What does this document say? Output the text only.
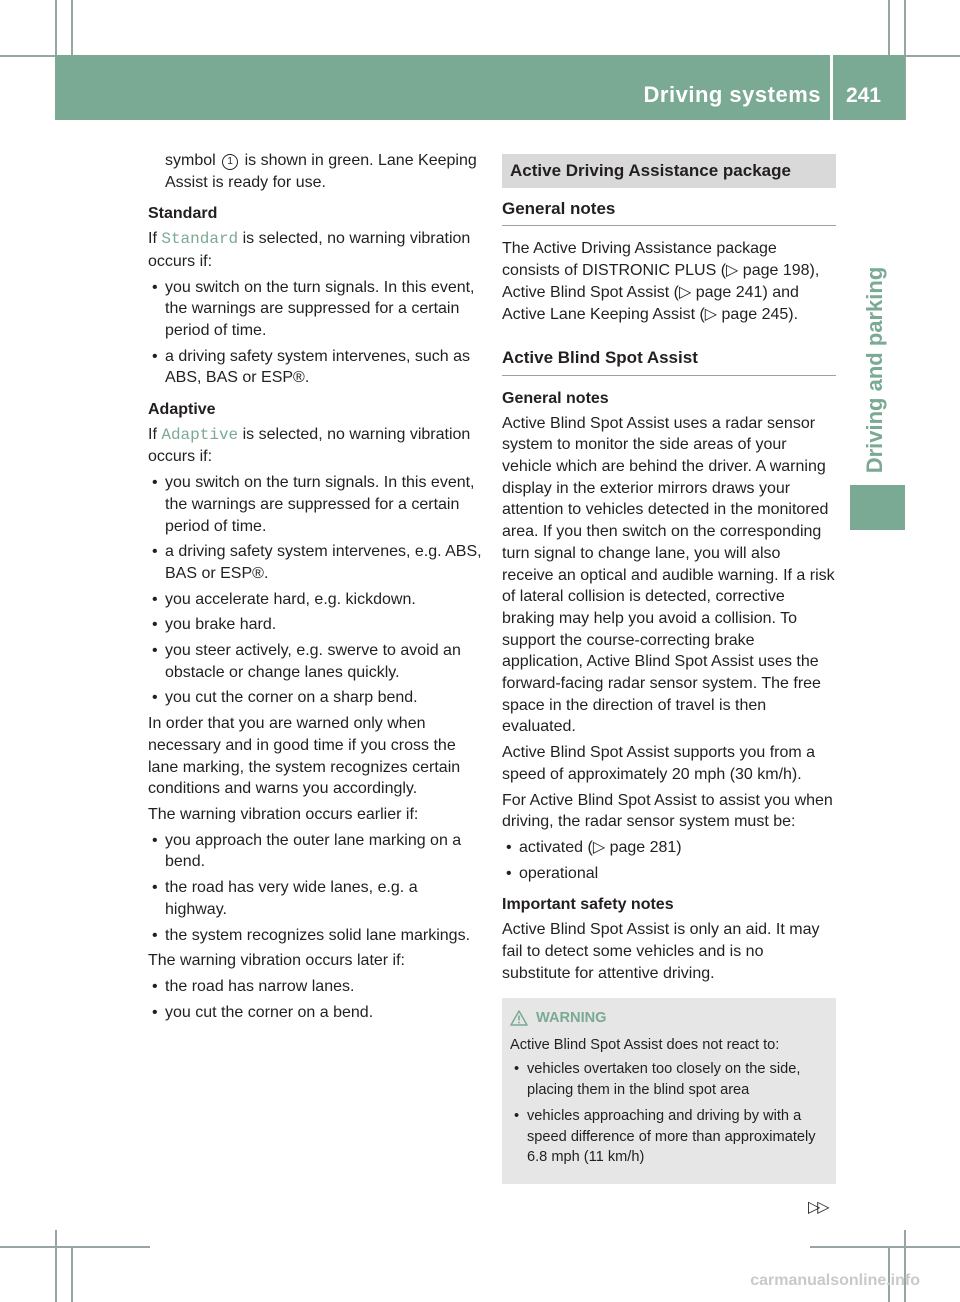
Driving systems 241
Driving and parking

symbol 1 is shown in green. Lane Keeping Assist is ready for use.

Standard

If Standard is selected, no warning vibration occurs if:

• you switch on the turn signals. In this event, the warnings are suppressed for a certain period of time.
• a driving safety system intervenes, such as ABS, BAS or ESP®.

Adaptive

If Adaptive is selected, no warning vibration occurs if:

• you switch on the turn signals. In this event, the warnings are suppressed for a certain period of time.
• a driving safety system intervenes, e.g. ABS, BAS or ESP®.
• you accelerate hard, e.g. kickdown.
• you brake hard.
• you steer actively, e.g. swerve to avoid an obstacle or change lanes quickly.
• you cut the corner on a sharp bend.

In order that you are warned only when necessary and in good time if you cross the lane marking, the system recognizes certain conditions and warns you accordingly.

The warning vibration occurs earlier if:

• you approach the outer lane marking on a bend.
• the road has very wide lanes, e.g. a highway.
• the system recognizes solid lane markings.

The warning vibration occurs later if:

• the road has narrow lanes.
• you cut the corner on a bend.
Active Driving Assistance package
General notes

The Active Driving Assistance package consists of DISTRONIC PLUS (▷ page 198), Active Blind Spot Assist (▷ page 241) and Active Lane Keeping Assist (▷ page 245).

Active Blind Spot Assist

General notes

Active Blind Spot Assist uses a radar sensor system to monitor the side areas of your vehicle which are behind the driver. A warning display in the exterior mirrors draws your attention to vehicles detected in the monitored area. If you then switch on the corresponding turn signal to change lane, you will also receive an optical and audible warning. If a risk of lateral collision is detected, corrective braking may help you avoid a collision. To support the course-correcting brake application, Active Blind Spot Assist uses the forward-facing radar sensor system. The free space in the direction of travel is then evaluated.

Active Blind Spot Assist supports you from a speed of approximately 20 mph (30 km/h).

For Active Blind Spot Assist to assist you when driving, the radar sensor system must be:

• activated (▷ page 281)
• operational

Important safety notes

Active Blind Spot Assist is only an aid. It may fail to detect some vehicles and is no substitute for attentive driving.

WARNING

Active Blind Spot Assist does not react to:

• vehicles overtaken too closely on the side, placing them in the blind spot area
• vehicles approaching and driving by with a speed difference of more than approximately 6.8 mph (11 km/h)
▷▷
carmanualsonline.info
